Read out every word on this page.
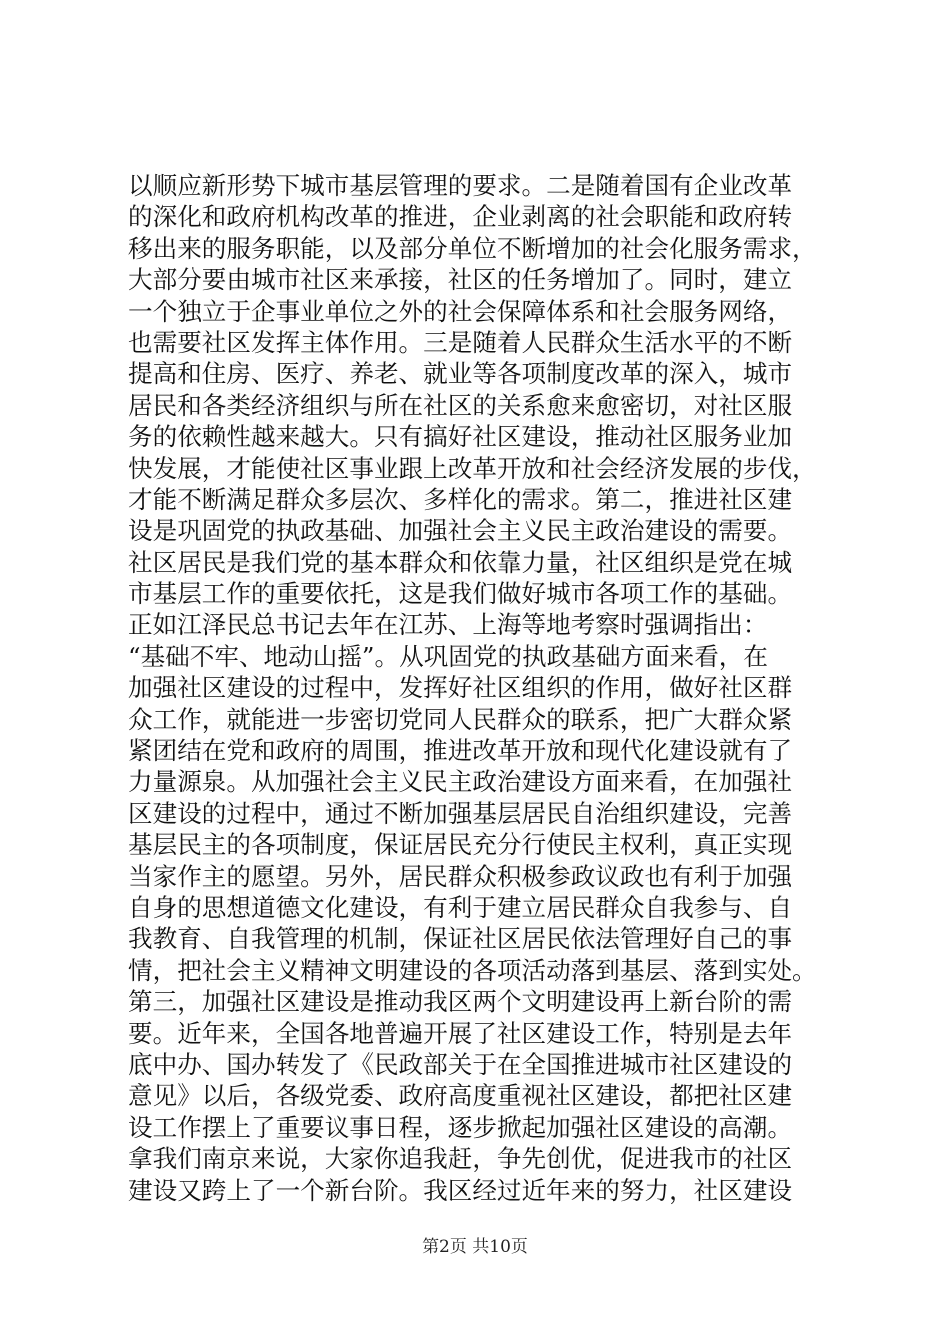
以顺应新形势下城市基层管理的要求。二是随着国有企业改革
的深化和政府机构改革的推进，企业剥离的社会职能和政府转
移出来的服务职能，以及部分单位不断增加的社会化服务需求，
大部分要由城市社区来承接，社区的任务增加了。同时，建立
一个独立于企事业单位之外的社会保障体系和社会服务网络，
也需要社区发挥主体作用。三是随着人民群众生活水平的不断
提高和住房、医疗、养老、就业等各项制度改革的深入，城市
居民和各类经济组织与所在社区的关系愈来愈密切，对社区服
务的依赖性越来越大。只有搞好社区建设，推动社区服务业加
快发展，才能使社区事业跟上改革开放和社会经济发展的步伐，
才能不断满足群众多层次、多样化的需求。第二，推进社区建
设是巩固党的执政基础、加强社会主义民主政治建设的需要。
社区居民是我们党的基本群众和依靠力量，社区组织是党在城
市基层工作的重要依托，这是我们做好城市各项工作的基础。
正如江泽民总书记去年在江苏、上海等地考察时强调指出：
“基础不牢、地动山摇”。从巩固党的执政基础方面来看，在
加强社区建设的过程中，发挥好社区组织的作用，做好社区群
众工作，就能进一步密切党同人民群众的联系，把广大群众紧
紧团结在党和政府的周围，推进改革开放和现代化建设就有了
力量源泉。从加强社会主义民主政治建设方面来看，在加强社
区建设的过程中，通过不断加强基层居民自治组织建设，完善
基层民主的各项制度，保证居民充分行使民主权利，真正实现
当家作主的愿望。另外，居民群众积极参政议政也有利于加强
自身的思想道德文化建设，有利于建立居民群众自我参与、自
我教育、自我管理的机制，保证社区居民依法管理好自己的事
情，把社会主义精神文明建设的各项活动落到基层、落到实处。
第三，加强社区建设是推动我区两个文明建设再上新台阶的需
要。近年来，全国各地普遍开展了社区建设工作，特别是去年
底中办、国办转发了《民政部关于在全国推进城市社区建设的
意见》以后，各级党委、政府高度重视社区建设，都把社区建
设工作摆上了重要议事日程，逐步掀起加强社区建设的高潮。
拿我们南京来说，大家你追我赶，争先创优，促进我市的社区
建设又跨上了一个新台阶。我区经过近年来的努力，社区建设
第2页 共10页
